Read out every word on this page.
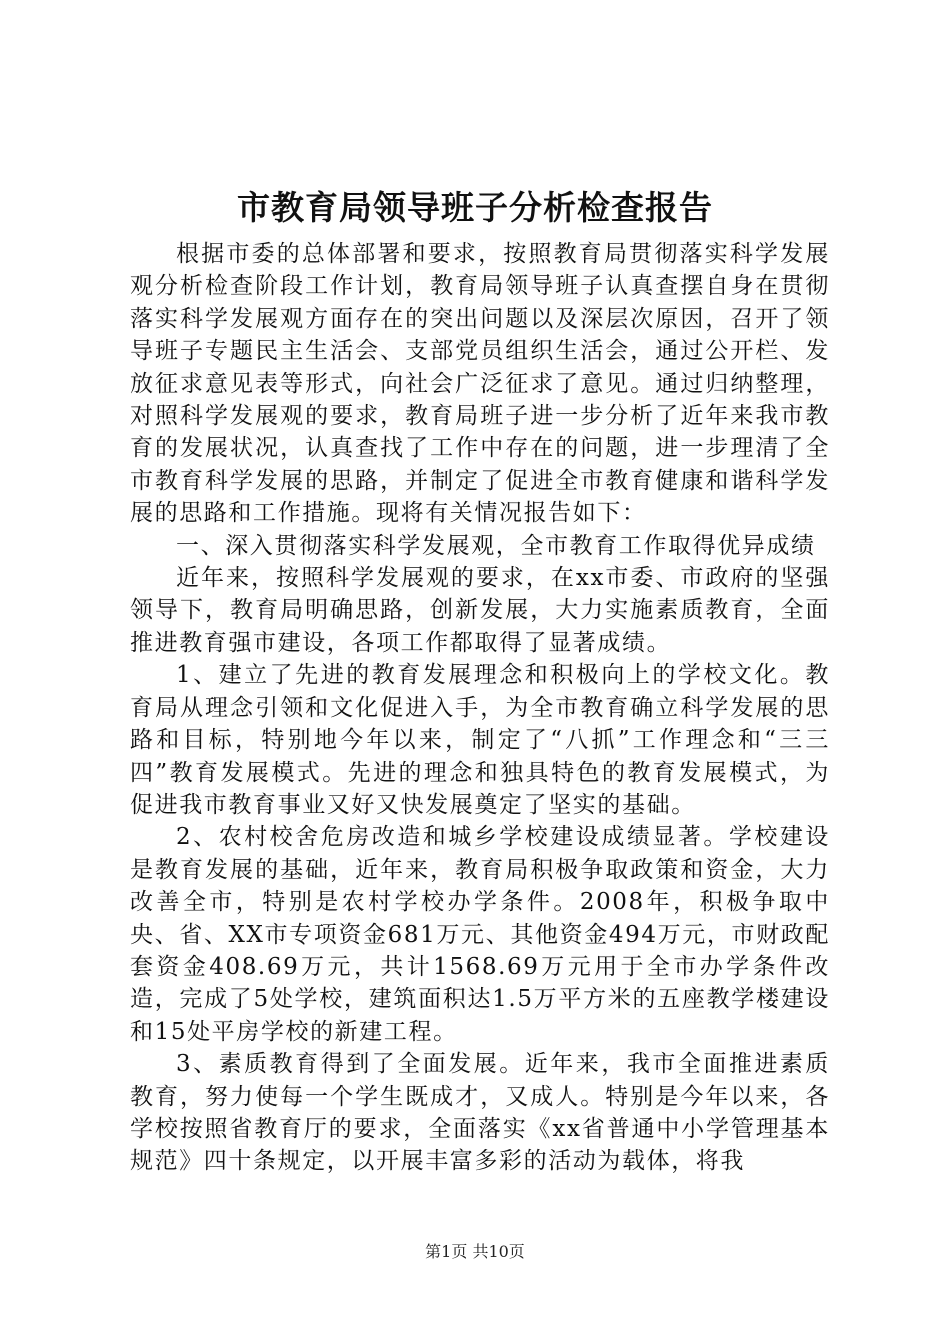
市教育局领导班子分析检查报告

根据市委的总体部署和要求，按照教育局贯彻落实科学发展观分析检查阶段工作计划，教育局领导班子认真查摆自身在贯彻落实科学发展观方面存在的突出问题以及深层次原因，召开了领导班子专题民主生活会、支部党员组织生活会，通过公开栏、发放征求意见表等形式，向社会广泛征求了意见。通过归纳整理，对照科学发展观的要求，教育局班子进一步分析了近年来我市教育的发展状况，认真查找了工作中存在的问题，进一步理清了全市教育科学发展的思路，并制定了促进全市教育健康和谐科学发展的思路和工作措施。现将有关情况报告如下：

一、深入贯彻落实科学发展观，全市教育工作取得优异成绩

近年来，按照科学发展观的要求，在xx市委、市政府的坚强领导下，教育局明确思路，创新发展，大力实施素质教育，全面推进教育强市建设，各项工作都取得了显著成绩。

1、建立了先进的教育发展理念和积极向上的学校文化。教育局从理念引领和文化促进入手，为全市教育确立科学发展的思路和目标，特别地今年以来，制定了“八抓”工作理念和“三三四”教育发展模式。先进的理念和独具特色的教育发展模式，为促进我市教育事业又好又快发展奠定了坚实的基础。

2、农村校舍危房改造和城乡学校建设成绩显著。学校建设是教育发展的基础，近年来，教育局积极争取政策和资金，大力改善全市，特别是农村学校办学条件。2008年，积极争取中央、省、XX市专项资金681万元、其他资金494万元，市财政配套资金408.69万元，共计1568.69万元用于全市办学条件改造，完成了5处学校，建筑面积达1.5万平方米的五座教学楼建设和15处平房学校的新建工程。

3、素质教育得到了全面发展。近年来，我市全面推进素质教育，努力使每一个学生既成才，又成人。特别是今年以来，各学校按照省教育厅的要求，全面落实《xx省普通中小学管理基本规范》四十条规定，以开展丰富多彩的活动为载体，将我

第1页 共10页
